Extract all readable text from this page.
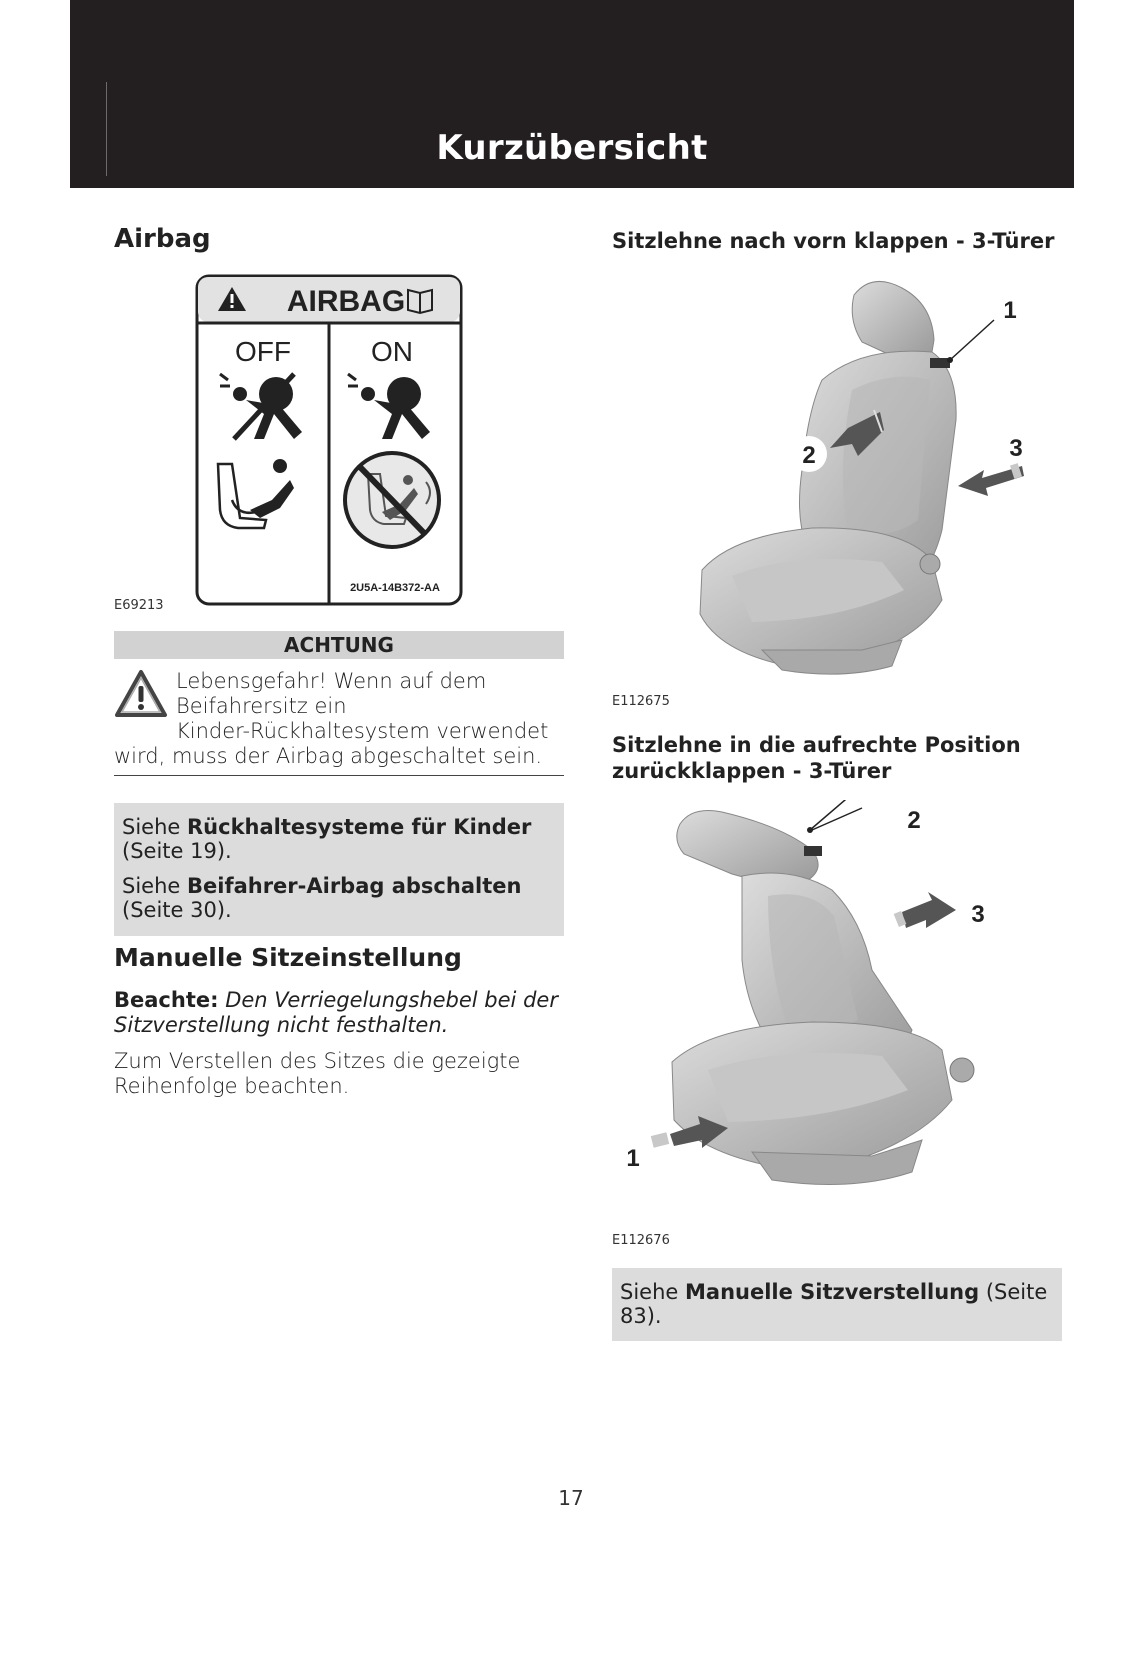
Kurzübersicht
Airbag
AIRBAG
OFF	ON
2U5A-14B372-AA
E69213
ACHTUNG
Lebensgefahr! Wenn auf dem
Beifahrersitz ein
Kinder-Rückhaltesystem verwendet
wird, muss der Airbag abgeschaltet sein.

Siehe Rückhaltesysteme für Kinder

(Seite 19).

Siehe Beifahrer-Airbag abschalten

(Seite 30).

Manuelle Sitzeinstellung
Beachte: Den Verriegelungshebel bei der
Sitzverstellung nicht festhalten.
Zum Verstellen des Sitzes die gezeigte
Reihenfolge beachten.
Sitzlehne nach vorn klappen - 3-Türer
1
2	3
E112675
Sitzlehne in die aufrechte Position
zurückklappen - 3-Türer
2
3
1
E112676

Siehe Manuelle Sitzverstellung (Seite

83).

17
